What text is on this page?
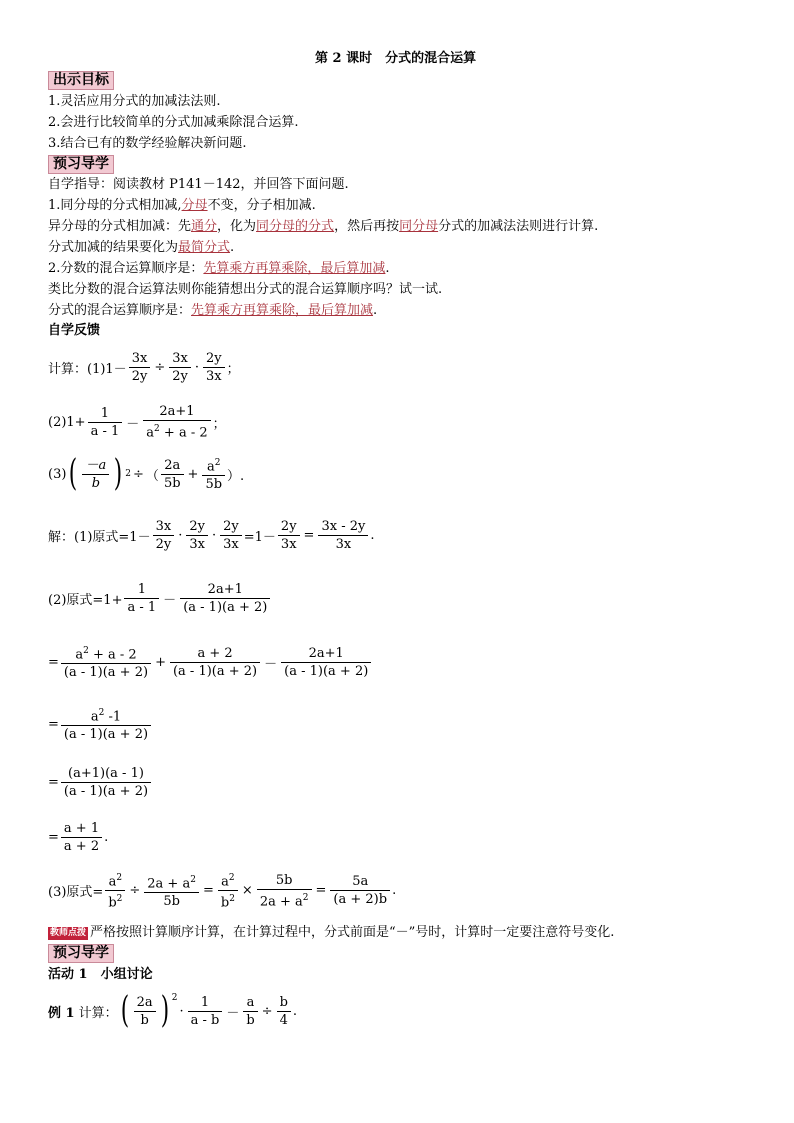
第 2 课时　分式的混合运算
出示目标
1.灵活应用分式的加减法法则.
2.会进行比较简单的分式加减乘除混合运算.
3.结合已有的数学经验解决新问题.
预习导学
自学指导：阅读教材 P141－142，并回答下面问题.
1.同分母的分式相加减,分母不变，分子相加减.
异分母的分式相加减：先通分，化为同分母的分式，然后再按同分母分式的加减法法则进行计算.
分式加减的结果要化为最简分式.
2.分数的混合运算顺序是：先算乘方再算乘除，最后算加减.
类比分数的混合运算法则你能猜想出分式的混合运算顺序吗？试一试.
分式的混合运算顺序是：先算乘方再算乘除，最后算加减.
自学反馈
计算：$(1)1- \frac{3x}{2y} \div \frac{3x}{2y} \cdot \frac{2y}{3x}$ ；
$(2)1+ \frac{1}{a - 1} - \frac{2a+1}{a^2 + a - 2}$ ；
(3) ( $\frac{-a}{b}$ ) 2 ÷ （ $\frac{2a}{5b} + \frac{a^2}{5b}$ ）.
解：(1)原式$=1- \frac{3x}{2y} \cdot \frac{2y}{3x} \cdot \frac{2y}{3x} =1- \frac{2y}{3x} = \frac{3x - 2y}{3x}$ .
(2)原式$=1+ \frac{1}{a - 1} - \frac{2a+1}{(a - 1)(a + 2)}$
= $\frac{a^2 + a - 2}{(a - 1)(a + 2)} + \frac{a + 2}{(a - 1)(a + 2)} - \frac{2a+1}{(a - 1)(a + 2)}$
= $\frac{a^2 -1}{(a - 1)(a + 2)}$
= $\frac{(a+1)(a - 1)}{(a - 1)(a + 2)}$
= $\frac{a + 1}{a + 2}$ .
(3)原式= $\frac{a^2}{b^2} \div \frac{2a + a^2}{5b} = \frac{a^2}{b^2} \times \frac{5b}{2a + a^2} = \frac{5a}{(a + 2)b}$ .
教师点拨 严格按照计算顺序计算，在计算过程中，分式前面是“－”号时，计算时一定要注意符号变化.
预习导学
活动 1　小组讨论
例 1 计算： ( $\frac{2a}{b}$ ) $^2$
· $\frac{1}{a - b} - \frac{a}{b} \div \frac{b}{4}$ .
